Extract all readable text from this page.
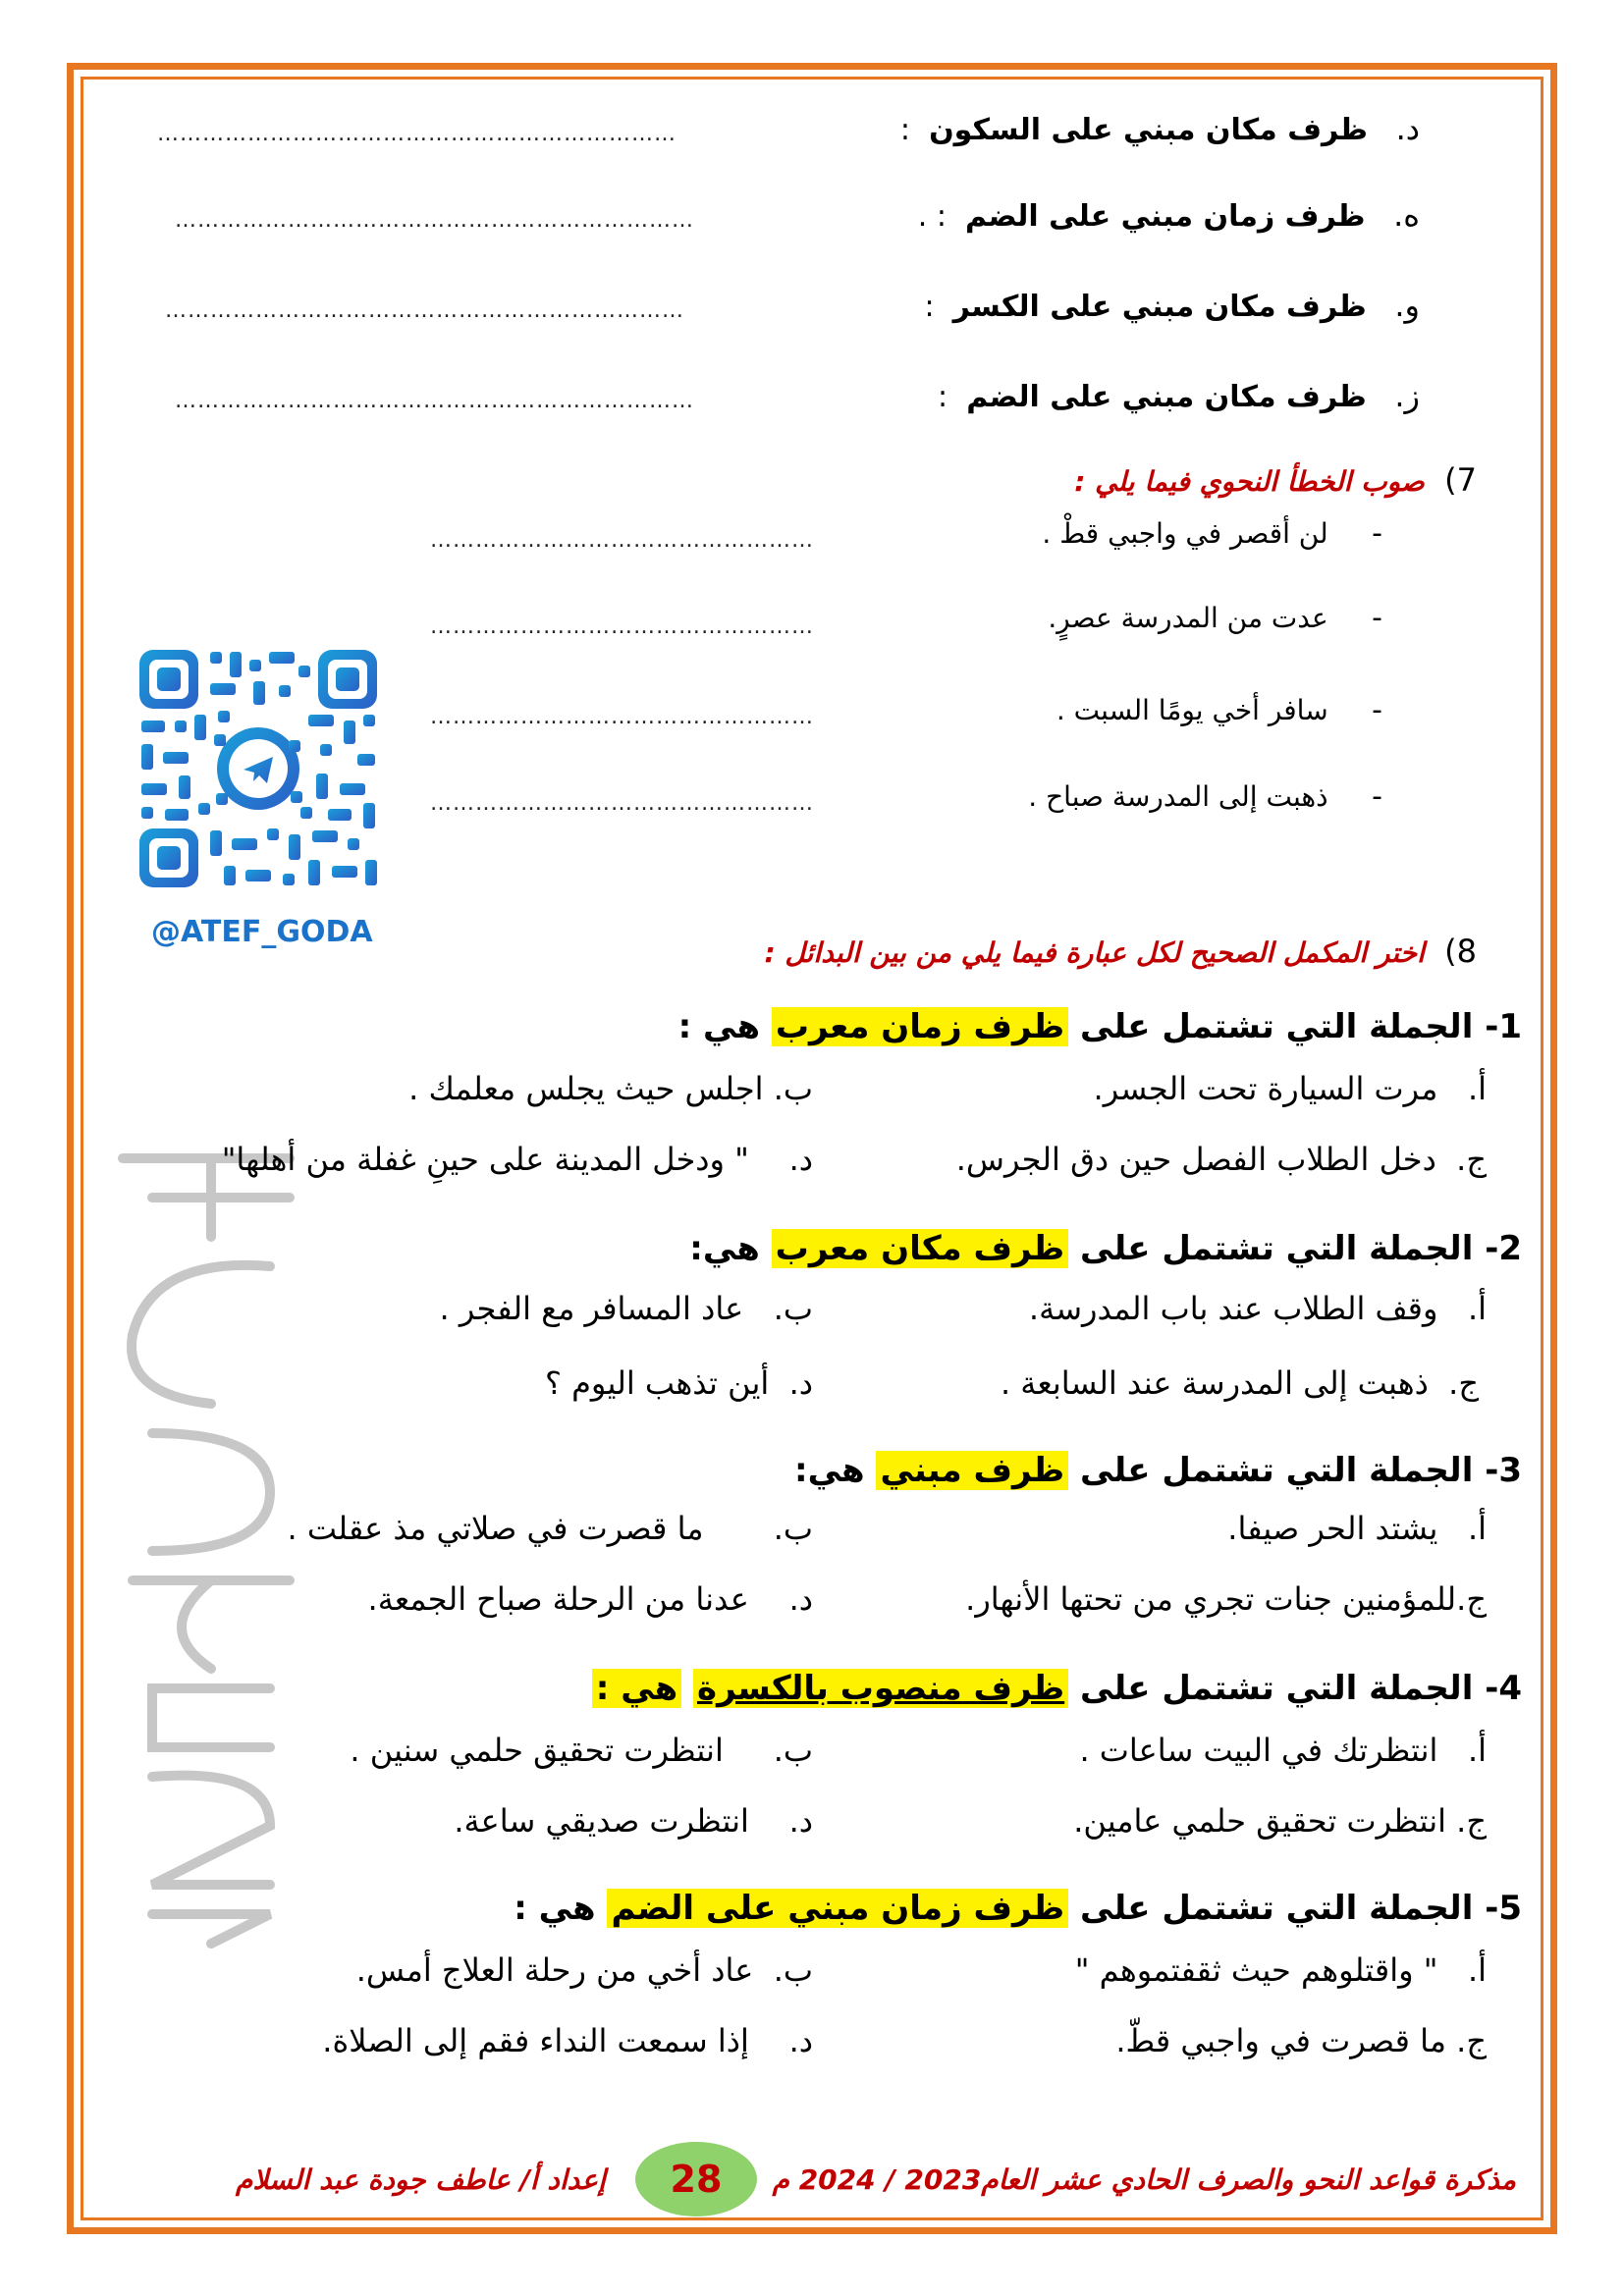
د.   ظرف مكان مبني على السكون  :
……………………………………………………………
ه.   ظرف زمان مبني على الضم  : .
……………………………………………………………
و.   ظرف مكان مبني على الكسر  :
……………………………………………………………
ز.   ظرف مكان مبني على الضم  :
……………………………………………………………
7)    صوب الخطأ النحوي فيما يلي :
-     لن أقصر في واجبي قطْ .
……………………………………………
-     عدت من المدرسة عصرٍ.
……………………………………………
-     سافر أخي يومًا السبت .
……………………………………………
-     ذهبت إلى المدرسة صباح .
……………………………………………
@ATEF_GODA
أ/ عاطف جودة 2024
8)    اختر المكمل الصحيح لكل عبارة فيما يلي من بين البدائل :
1- الجملة التي تشتمل على ظرف زمان معرب هي :
أ.   مرت السيارة تحت الجسر.
ب. اجلس حيث يجلس معلمك .
ج.  دخل الطلاب الفصل حين دق الجرس.
د.    " ودخل المدينة على حينِ غفلة من أهلها"
2- الجملة التي تشتمل على ظرف مكان معرب هي:
أ.   وقف الطلاب عند باب المدرسة.
ب.   عاد المسافر مع الفجر .
ج.  ذهبت إلى المدرسة عند السابعة .
د.  أين تذهب اليوم ؟
3- الجملة التي تشتمل على ظرف مبني هي:
أ.   يشتد الحر صيفا.
ب.       ما قصرت في صلاتي مذ عقلت .
ج.للمؤمنين جنات تجري من تحتها الأنهار.
د.    عدنا من الرحلة صباح الجمعة.
4- الجملة التي تشتمل على ظرف منصوب بالكسرة هي :
أ.   انتظرتك في البيت ساعات .
ب.     انتظرت تحقيق حلمي سنين .
ج. انتظرت تحقيق حلمي عامين.
د.    انتظرت صديقي ساعة.
5- الجملة التي تشتمل على ظرف زمان مبني على الضم هي :
أ.   " واقتلوهم حيث ثقفتموهم "
ب.  عاد أخي من رحلة العلاج أمس.
ج. ما قصرت في واجبي قطّ.
د.    إذا سمعت النداء فقم إلى الصلاة.
مذكرة قواعد النحو والصرف الحادي عشر العام2023 / 2024 م
28
إعداد أ/ عاطف جودة عبد السلام
